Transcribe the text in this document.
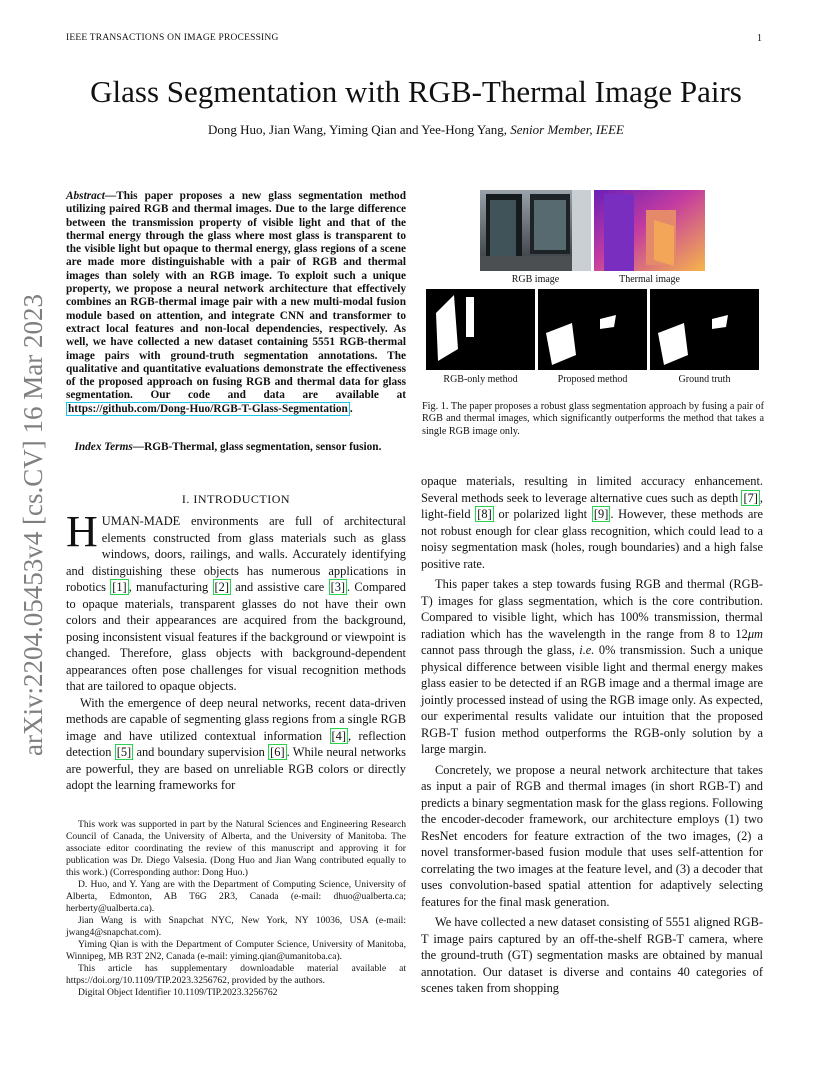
IEEE TRANSACTIONS ON IMAGE PROCESSING	1
arXiv:2204.05453v4 [cs.CV] 16 Mar 2023
Glass Segmentation with RGB-Thermal Image Pairs
Dong Huo, Jian Wang, Yiming Qian and Yee-Hong Yang, Senior Member, IEEE
Abstract—This paper proposes a new glass segmentation method utilizing paired RGB and thermal images. Due to the large difference between the transmission property of visible light and that of the thermal energy through the glass where most glass is transparent to the visible light but opaque to thermal energy, glass regions of a scene are made more distinguishable with a pair of RGB and thermal images than solely with an RGB image. To exploit such a unique property, we propose a neural network architecture that effectively combines an RGB-thermal image pair with a new multi-modal fusion module based on attention, and integrate CNN and transformer to extract local features and non-local dependencies, respectively. As well, we have collected a new dataset containing 5551 RGB-thermal image pairs with ground-truth segmentation annotations. The qualitative and quantitative evaluations demonstrate the effectiveness of the proposed approach on fusing RGB and thermal data for glass segmentation. Our code and data are available at https://github.com/Dong-Huo/RGB-T-Glass-Segmentation .
Index Terms—RGB-Thermal, glass segmentation, sensor fusion.
I. INTRODUCTION

HUMAN-MADE environments are full of architectural elements constructed from glass materials such as glass windows, doors, railings, and walls. Accurately identifying and distinguishing these objects has numerous applications in robotics [1] , manufacturing [2] and assistive care [3] . Compared to opaque materials, transparent glasses do not have their own colors and their appearances are acquired from the background, posing inconsistent visual features if the background or viewpoint is changed. Therefore, glass objects with background-dependent appearances often pose challenges for visual recognition methods that are tailored to opaque objects.

With the emergence of deep neural networks, recent data-driven methods are capable of segmenting glass regions from a single RGB image and have utilized contextual information [4] , reflection detection [5] and boundary supervision [6] . While neural networks are powerful, they are based on unreliable RGB colors or directly adopt the learning frameworks for

This work was supported in part by the Natural Sciences and Engineering Research Council of Canada, the University of Alberta, and the University of Manitoba. The associate editor coordinating the review of this manuscript and approving it for publication was Dr. Diego Valsesia. (Dong Huo and Jian Wang contributed equally to this work.) (Corresponding author: Dong Huo.)

D. Huo, and Y. Yang are with the Department of Computing Science, University of Alberta, Edmonton, AB T6G 2R3, Canada (e-mail: dhuo@ualberta.ca; herberty@ualberta.ca).

Jian Wang is with Snapchat NYC, New York, NY 10036, USA (e-mail: jwang4@snapchat.com).

Yiming Qian is with the Department of Computer Science, University of Manitoba, Winnipeg, MB R3T 2N2, Canada (e-mail: yiming.qian@umanitoba.ca).

This article has supplementary downloadable material available at https://doi.org/10.1109/TIP.2023.3256762, provided by the authors.

Digital Object Identifier 10.1109/TIP.2023.3256762

RGB image	Thermal image
RGB-only method	Proposed method	Ground truth
Fig. 1. The paper proposes a robust glass segmentation approach by fusing a pair of RGB and thermal images, which significantly outperforms the method that takes a single RGB image only.

opaque materials, resulting in limited accuracy enhancement. Several methods seek to leverage alternative cues such as depth [7] , light-field [8] or polarized light [9] . However, these methods are not robust enough for clear glass recognition, which could lead to a noisy segmentation mask (holes, rough boundaries) and a high false positive rate.

This paper takes a step towards fusing RGB and thermal (RGB-T) images for glass segmentation, which is the core contribution. Compared to visible light, which has 100% transmission, thermal radiation which has the wavelength in the range from 8 to 12μm cannot pass through the glass, i.e. 0% transmission. Such a unique physical difference between visible light and thermal energy makes glass easier to be detected if an RGB image and a thermal image are jointly processed instead of using the RGB image only. As expected, our experimental results validate our intuition that the proposed RGB-T fusion method outperforms the RGB-only solution by a large margin.

Concretely, we propose a neural network architecture that takes as input a pair of RGB and thermal images (in short RGB-T) and predicts a binary segmentation mask for the glass regions. Following the encoder-decoder framework, our architecture employs (1) two ResNet encoders for feature extraction of the two images, (2) a novel transformer-based fusion module that uses self-attention for correlating the two images at the feature level, and (3) a decoder that uses convolution-based spatial attention for adaptively selecting features for the final mask generation.

We have collected a new dataset consisting of 5551 aligned RGB-T image pairs captured by an off-the-shelf RGB-T camera, where the ground-truth (GT) segmentation masks are obtained by manual annotation. Our dataset is diverse and contains 40 categories of scenes taken from shopping
